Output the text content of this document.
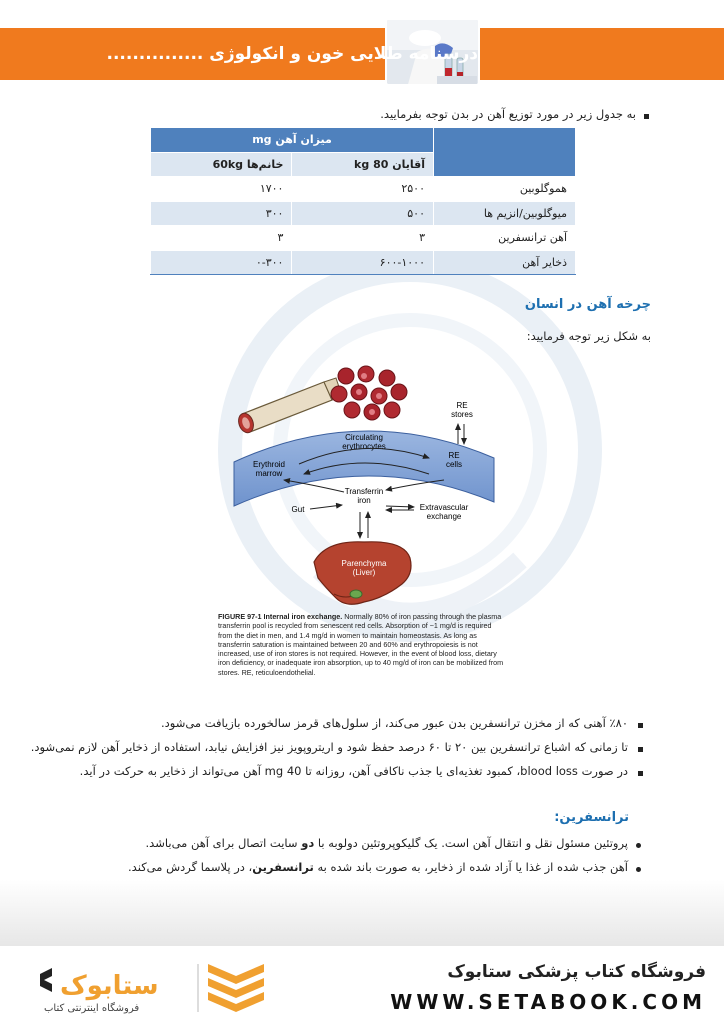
درسنامه طلایی خون و انکولوژی ...............
به جدول زیر در مورد توزیع آهن در بدن توجه بفرمایید.
	میزان آهن mg	
	آقایان 80 kg	خانم‌ها 60kg
هموگلوبین	۲۵۰۰	۱۷۰۰
میوگلوبین/انزیم ها	۵۰۰	۳۰۰
آهن ترانسفرین	۳	۳
ذخایر آهن	۶۰۰-۱۰۰۰	۰-۳۰۰
چرخه آهن در انسان
به شکل زیر توجه فرمایید:
RE stores
Erythroid marrow
Circulating erythrocytes
RE cells
Transferrin iron
Gut	Extravascular exchange
Parenchyma (Liver)
FIGURE 97-1 Internal iron exchange. Normally 80% of iron passing through the plasma transferrin pool is recycled from senescent red cells. Absorption of ~1 mg/d is required from the diet in men, and 1.4 mg/d in women to maintain homeostasis. As long as transferrin saturation is maintained between 20 and 60% and erythropoiesis is not increased, use of iron stores is not required. However, in the event of blood loss, dietary iron deficiency, or inadequate iron absorption, up to 40 mg/d of iron can be mobilized from stores. RE, reticuloendothelial.
٪۸۰ آهنی که از مخزن ترانسفرین بدن عبور می‌کند، از سلول‌های قرمز سالخورده بازیافت می‌شود.
تا زمانی که اشباع ترانسفرین بین ۲۰ تا ۶۰ درصد حفظ شود و اریتروپویز نیز افزایش نیابد، استفاده از ذخایر آهن لازم نمی‌شود.
در صورت blood loss، کمبود تغذیه‌ای یا جذب ناکافی آهن، روزانه تا 40 mg آهن می‌تواند از ذخایر به حرکت در آید.
ترانسفرین:
پروتئین مسئول نقل و انتقال آهن است. یک گلیکوپروتئین دولوبه با دو سایت اتصال برای آهن می‌باشد.
آهن جذب شده از غذا یا آزاد شده از ذخایر، به صورت باند شده به ترانسفرین، در پلاسما گردش می‌کند.
ستابوک
فروشگاه اینترنتی کتاب
فروشگاه کتاب پزشکی ستابوک
WWW.SETABOOK.COM
